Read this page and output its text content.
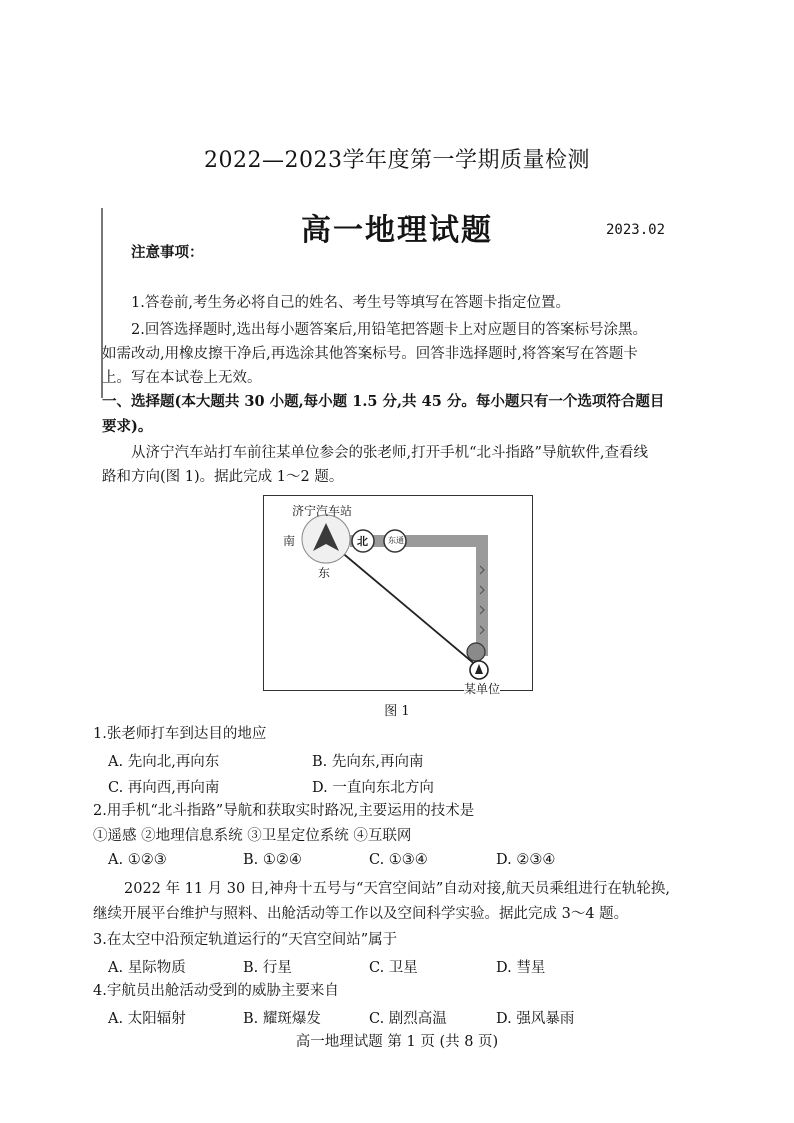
2022—2023学年度第一学期质量检测
高一地理试题	2023.02
注意事项：
1.答卷前,考生务必将自己的姓名、考生号等填写在答题卡指定位置。
2.回答选择题时,选出每小题答案后,用铅笔把答题卡上对应题目的答案标号涂黑。
如需改动,用橡皮擦干净后,再选涂其他答案标号。回答非选择题时,将答案写在答题卡
上。写在本试卷上无效。
一、选择题(本大题共 30 小题,每小题 1.5 分,共 45 分。每小题只有一个选项符合题目
要求)。
从济宁汽车站打车前往某单位参会的张老师,打开手机“北斗指路”导航软件,查看线
路和方向(图 1)。据此完成 1～2 题。
济宁汽车站
南
东
北	东通
某单位
图 1
1.张老师打车到达目的地应
A. 先向北,再向东	B. 先向东,再向南
C. 再向西,再向南	D. 一直向东北方向
2.用手机“北斗指路”导航和获取实时路况,主要运用的技术是
①遥感 ②地理信息系统 ③卫星定位系统 ④互联网
A. ①②③	B. ①②④	C. ①③④	D. ②③④
2022 年 11 月 30 日,神舟十五号与“天宫空间站”自动对接,航天员乘组进行在轨轮换,
继续开展平台维护与照料、出舱活动等工作以及空间科学实验。据此完成 3～4 题。
3.在太空中沿预定轨道运行的“天宫空间站”属于
A. 星际物质	B. 行星	C. 卫星	D. 彗星
4.宇航员出舱活动受到的威胁主要来自
A. 太阳辐射	B. 耀斑爆发	C. 剧烈高温	D. 强风暴雨
高一地理试题 第 1 页 (共 8 页)
